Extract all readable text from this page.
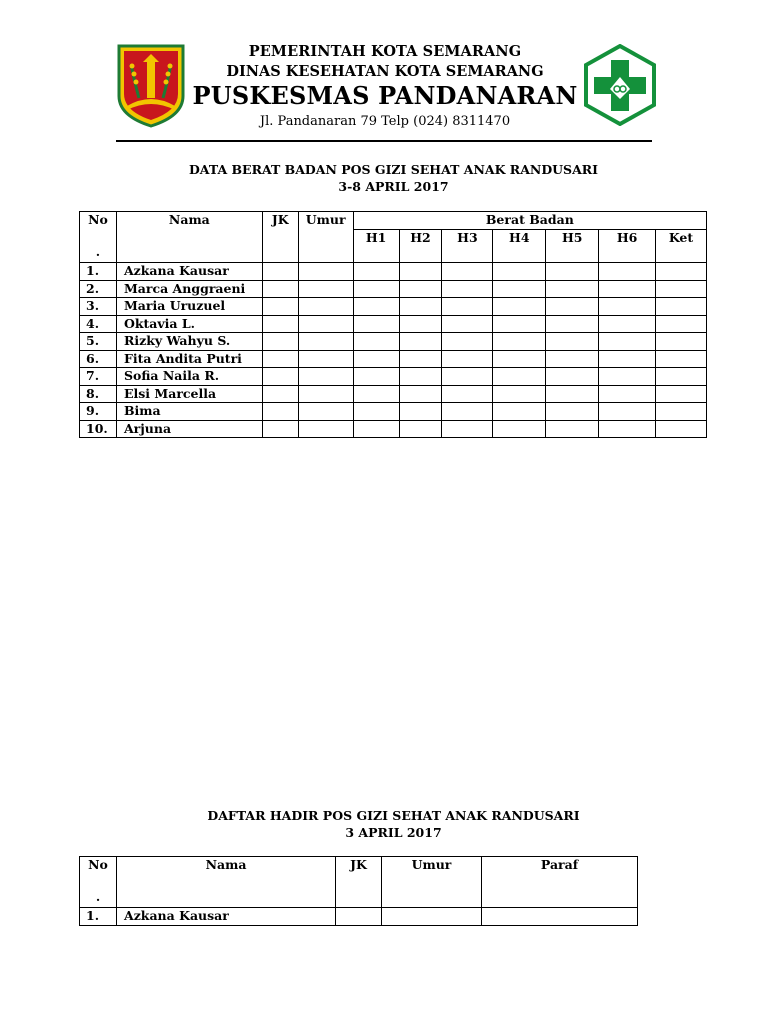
PEMERINTAH KOTA SEMARANG
DINAS KESEHATAN KOTA SEMARANG
PUSKESMAS PANDANARAN
Jl. Pandanaran 79 Telp (024) 8311470
DATA BERAT BADAN POS GIZI SEHAT ANAK RANDUSARI
3-8 APRIL 2017
No
.	Nama	JK	Umur	Berat Badan						
				H1	H2	H3	H4	H5	H6	Ket
1.	Azkana Kausar									
2.	Marca Anggraeni									
3.	Maria Uruzuel									
4.	Oktavia L.									
5.	Rizky Wahyu S.									
6.	Fita Andita Putri									
7.	Sofia Naila R.									
8.	Elsi Marcella									
9.	Bima									
10.	Arjuna									
DAFTAR HADIR POS GIZI SEHAT ANAK RANDUSARI
3 APRIL 2017
No
.	Nama	JK	Umur	Paraf
1.	Azkana Kausar			
